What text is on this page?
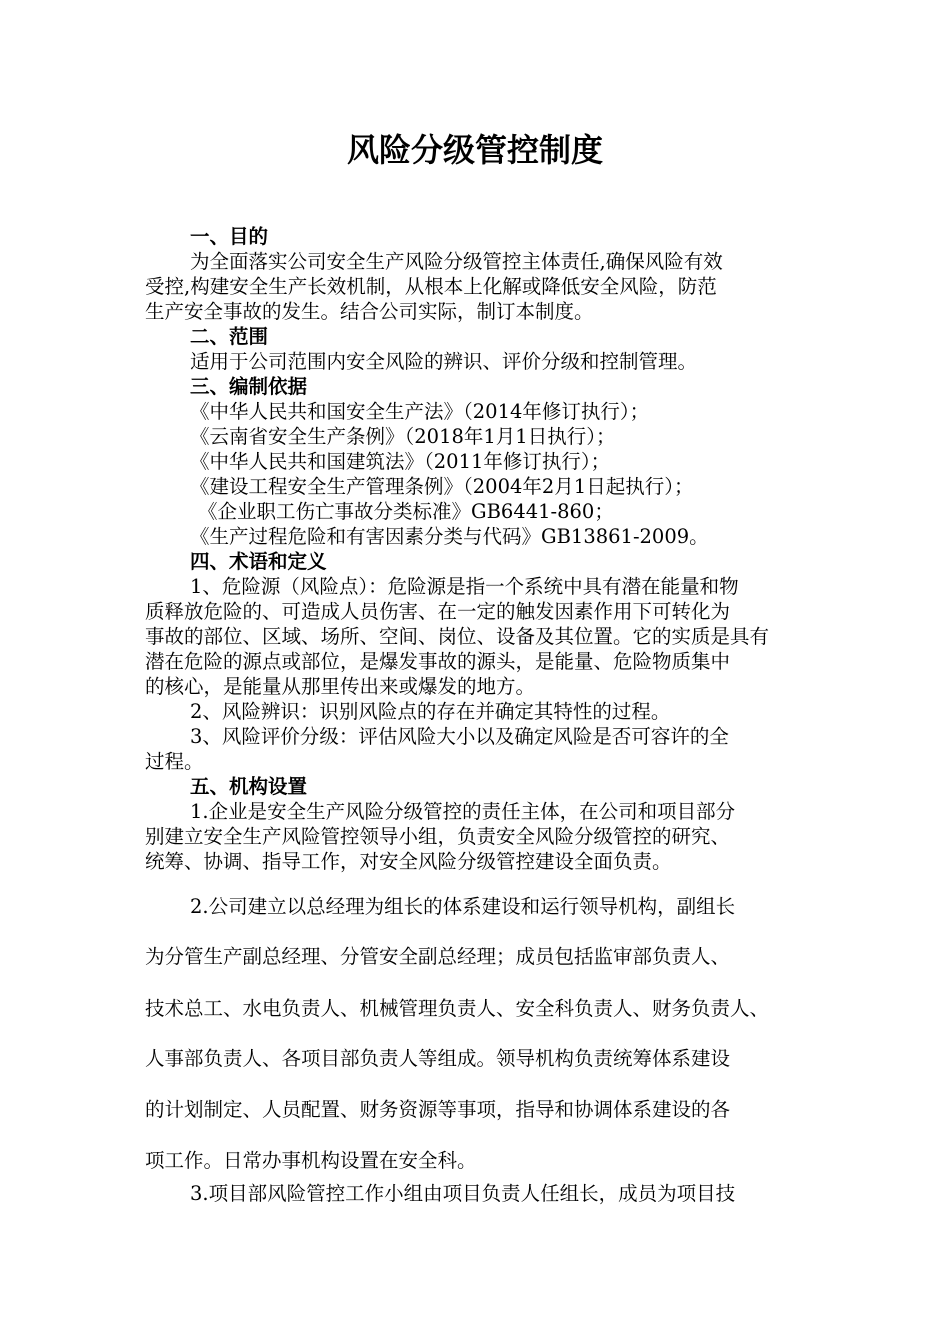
风险分级管控制度
一、目的
为全面落实公司安全生产风险分级管控主体责任,确保风险有效
受控,构建安全生产长效机制，从根本上化解或降低安全风险，防范
生产安全事故的发生。结合公司实际，制订本制度。
二、范围
适用于公司范围内安全风险的辨识、评价分级和控制管理。
三、编制依据
《中华人民共和国安全生产法》（2014年修订执行）；
《云南省安全生产条例》（2018年1月1日执行）；
《中华人民共和国建筑法》（2011年修订执行）；
《建设工程安全生产管理条例》（2004年2月1日起执行）；
《企业职工伤亡事故分类标准》GB6441-860；
《生产过程危险和有害因素分类与代码》GB13861-2009。
四、术语和定义
1、危险源（风险点）：危险源是指一个系统中具有潜在能量和物
质释放危险的、可造成人员伤害、在一定的触发因素作用下可转化为
事故的部位、区域、场所、空间、岗位、设备及其位置。它的实质是具有
潜在危险的源点或部位，是爆发事故的源头，是能量、危险物质集中
的核心，是能量从那里传出来或爆发的地方。
2、风险辨识：识别风险点的存在并确定其特性的过程。
3、风险评价分级：评估风险大小以及确定风险是否可容许的全
过程。
五、机构设置
1.企业是安全生产风险分级管控的责任主体，在公司和项目部分
别建立安全生产风险管控领导小组，负责安全风险分级管控的研究、
统筹、协调、指导工作，对安全风险分级管控建设全面负责。
2.公司建立以总经理为组长的体系建设和运行领导机构，副组长
为分管生产副总经理、分管安全副总经理；成员包括监审部负责人、
技术总工、水电负责人、机械管理负责人、安全科负责人、财务负责人、
人事部负责人、各项目部负责人等组成。领导机构负责统筹体系建设
的计划制定、人员配置、财务资源等事项，指导和协调体系建设的各
项工作。日常办事机构设置在安全科。
3.项目部风险管控工作小组由项目负责人任组长，成员为项目技
